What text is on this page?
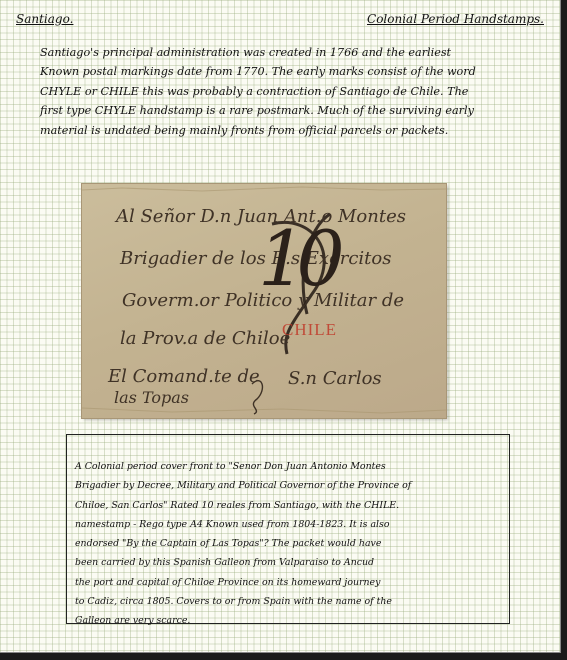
Santiago.	Colonial Period Handstamps.
Santiago's principal administration was created in 1766 and the earliest
Known postal markings date from 1770. The early marks consist of the word
CHYLE or CHILE this was probably a contraction of Santiago de Chile. The
first type CHYLE handstamp is a rare postmark. Much of the surviving early
material is undated being mainly fronts from official parcels or packets.
Al Señor D.n Juan Ant.o Montes
Brigadier de los R.s Exercitos
Goverm.or Politico y Militar de
la Prov.a de Chiloe
El Comand.te de
las Topas
10
S.n Carlos
CHILE

A Colonial period cover front to "Senor Don Juan Antonio Montes
Brigadier by Decree, Military and Political Governor of the Province of
Chiloe, San Carlos" Rated 10 reales from Santiago, with the CHILE.
namestamp - Rego type A4 Known used from 1804-1823. It is also
endorsed "By the Captain of Las Topas"? The packet would have
been carried by this Spanish Galleon from Valparaiso to Ancud
the port and capital of Chiloe Province on its homeward journey
to Cadiz, circa 1805. Covers to or from Spain with the name of the
Galleon are very scarce.
